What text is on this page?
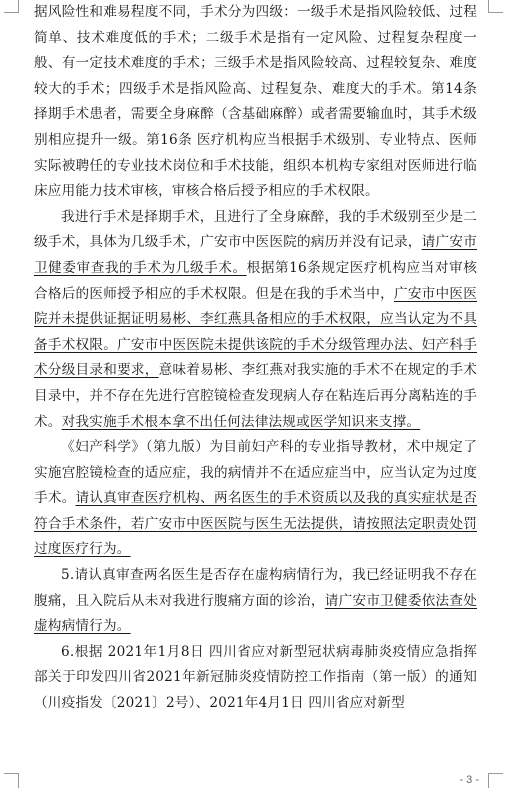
据风险性和难易程度不同，手术分为四级：一级手术是指风险较低、过程简单、技术难度低的手术；二级手术是指有一定风险、过程复杂程度一般、有一定技术难度的手术；三级手术是指风险较高、过程较复杂、难度较大的手术；四级手术是指风险高、过程复杂、难度大的手术。第14条 择期手术患者，需要全身麻醉（含基础麻醉）或者需要输血时，其手术级别相应提升一级。第16条 医疗机构应当根据手术级别、专业特点、医师实际被聘任的专业技术岗位和手术技能，组织本机构专家组对医师进行临床应用能力技术审核，审核合格后授予相应的手术权限。

我进行手术是择期手术，且进行了全身麻醉，我的手术级别至少是二级手术，具体为几级手术，广安市中医医院的病历并没有记录，请广安市卫健委审查我的手术为几级手术。根据第16条规定医疗机构应当对审核合格后的医师授予相应的手术权限。但是在我的手术当中，广安市中医医院并未提供证据证明易彬、李红燕具备相应的手术权限，应当认定为不具备手术权限。广安市中医医院未提供该院的手术分级管理办法、妇产科手术分级目录和要求，意味着易彬、李红燕对我实施的手术不在规定的手术目录中，并不存在先进行宫腔镜检查发现病人存在粘连后再分离粘连的手术。对我实施手术根本拿不出任何法律法规或医学知识来支撑。

《妇产科学》（第九版）为目前妇产科的专业指导教材，术中规定了实施宫腔镜检查的适应症，我的病情并不在适应症当中，应当认定为过度手术。请认真审查医疗机构、两名医生的手术资质以及我的真实症状是否符合手术条件，若广安市中医医院与医生无法提供，请按照法定职责处罚过度医疗行为。

5.请认真审查两名医生是否存在虚构病情行为，我已经证明我不存在腹痛，且入院后从未对我进行腹痛方面的诊治，请广安市卫健委依法查处虚构病情行为。

6.根据 2021年1月8日 四川省应对新型冠状病毒肺炎疫情应急指挥部关于印发四川省2021年新冠肺炎疫情防控工作指南（第一版）的通知（川疫指发〔2021〕2号）、2021年4月1日 四川省应对新型

- 3 -
